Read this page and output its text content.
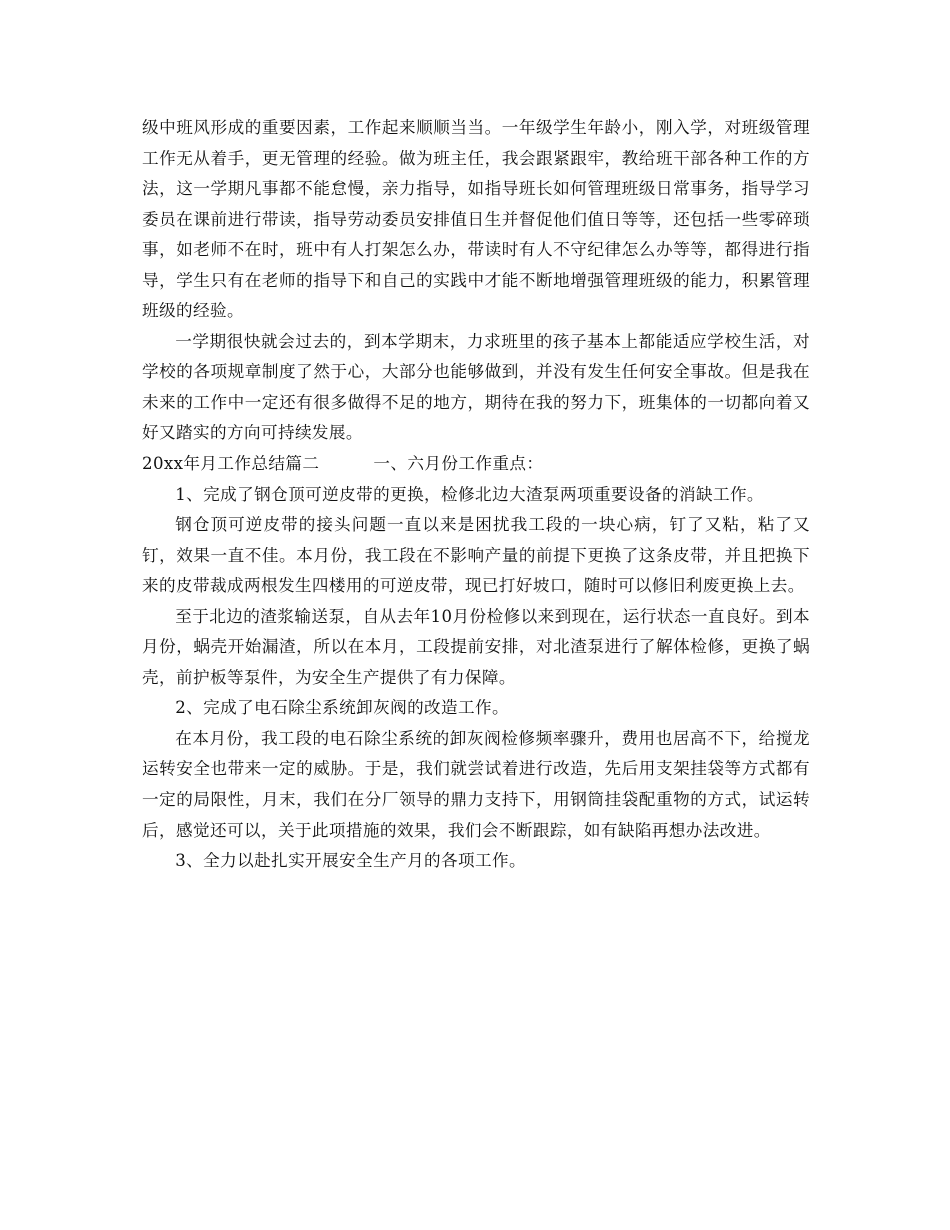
级中班风形成的重要因素，工作起来顺顺当当。一年级学生年龄小，刚入学，对班级管理工作无从着手，更无管理的经验。做为班主任，我会跟紧跟牢，教给班干部各种工作的方法，这一学期凡事都不能怠慢，亲力指导，如指导班长如何管理班级日常事务，指导学习委员在课前进行带读，指导劳动委员安排值日生并督促他们值日等等，还包括一些零碎琐事，如老师不在时，班中有人打架怎么办，带读时有人不守纪律怎么办等等，都得进行指导，学生只有在老师的指导下和自己的实践中才能不断地增强管理班级的能力，积累管理班级的经验。

一学期很快就会过去的，到本学期末，力求班里的孩子基本上都能适应学校生活，对学校的各项规章制度了然于心，大部分也能够做到，并没有发生任何安全事故。但是我在未来的工作中一定还有很多做得不足的地方，期待在我的努力下，班集体的一切都向着又好又踏实的方向可持续发展。

20xx年月工作总结篇二	一、六月份工作重点：

1、完成了钢仓顶可逆皮带的更换，检修北边大渣泵两项重要设备的消缺工作。

钢仓顶可逆皮带的接头问题一直以来是困扰我工段的一块心病，钉了又粘，粘了又钉，效果一直不佳。本月份，我工段在不影响产量的前提下更换了这条皮带，并且把换下来的皮带裁成两根发生四楼用的可逆皮带，现已打好坡口，随时可以修旧利废更换上去。

至于北边的渣浆输送泵，自从去年10月份检修以来到现在，运行状态一直良好。到本月份，蜗壳开始漏渣，所以在本月，工段提前安排，对北渣泵进行了解体检修，更换了蜗壳，前护板等泵件，为安全生产提供了有力保障。

2、完成了电石除尘系统卸灰阀的改造工作。

在本月份，我工段的电石除尘系统的卸灰阀检修频率骤升，费用也居高不下，给搅龙运转安全也带来一定的威胁。于是，我们就尝试着进行改造，先后用支架挂袋等方式都有一定的局限性，月末，我们在分厂领导的鼎力支持下，用钢筒挂袋配重物的方式，试运转后，感觉还可以，关于此项措施的效果，我们会不断跟踪，如有缺陷再想办法改进。

3、全力以赴扎实开展安全生产月的各项工作。
